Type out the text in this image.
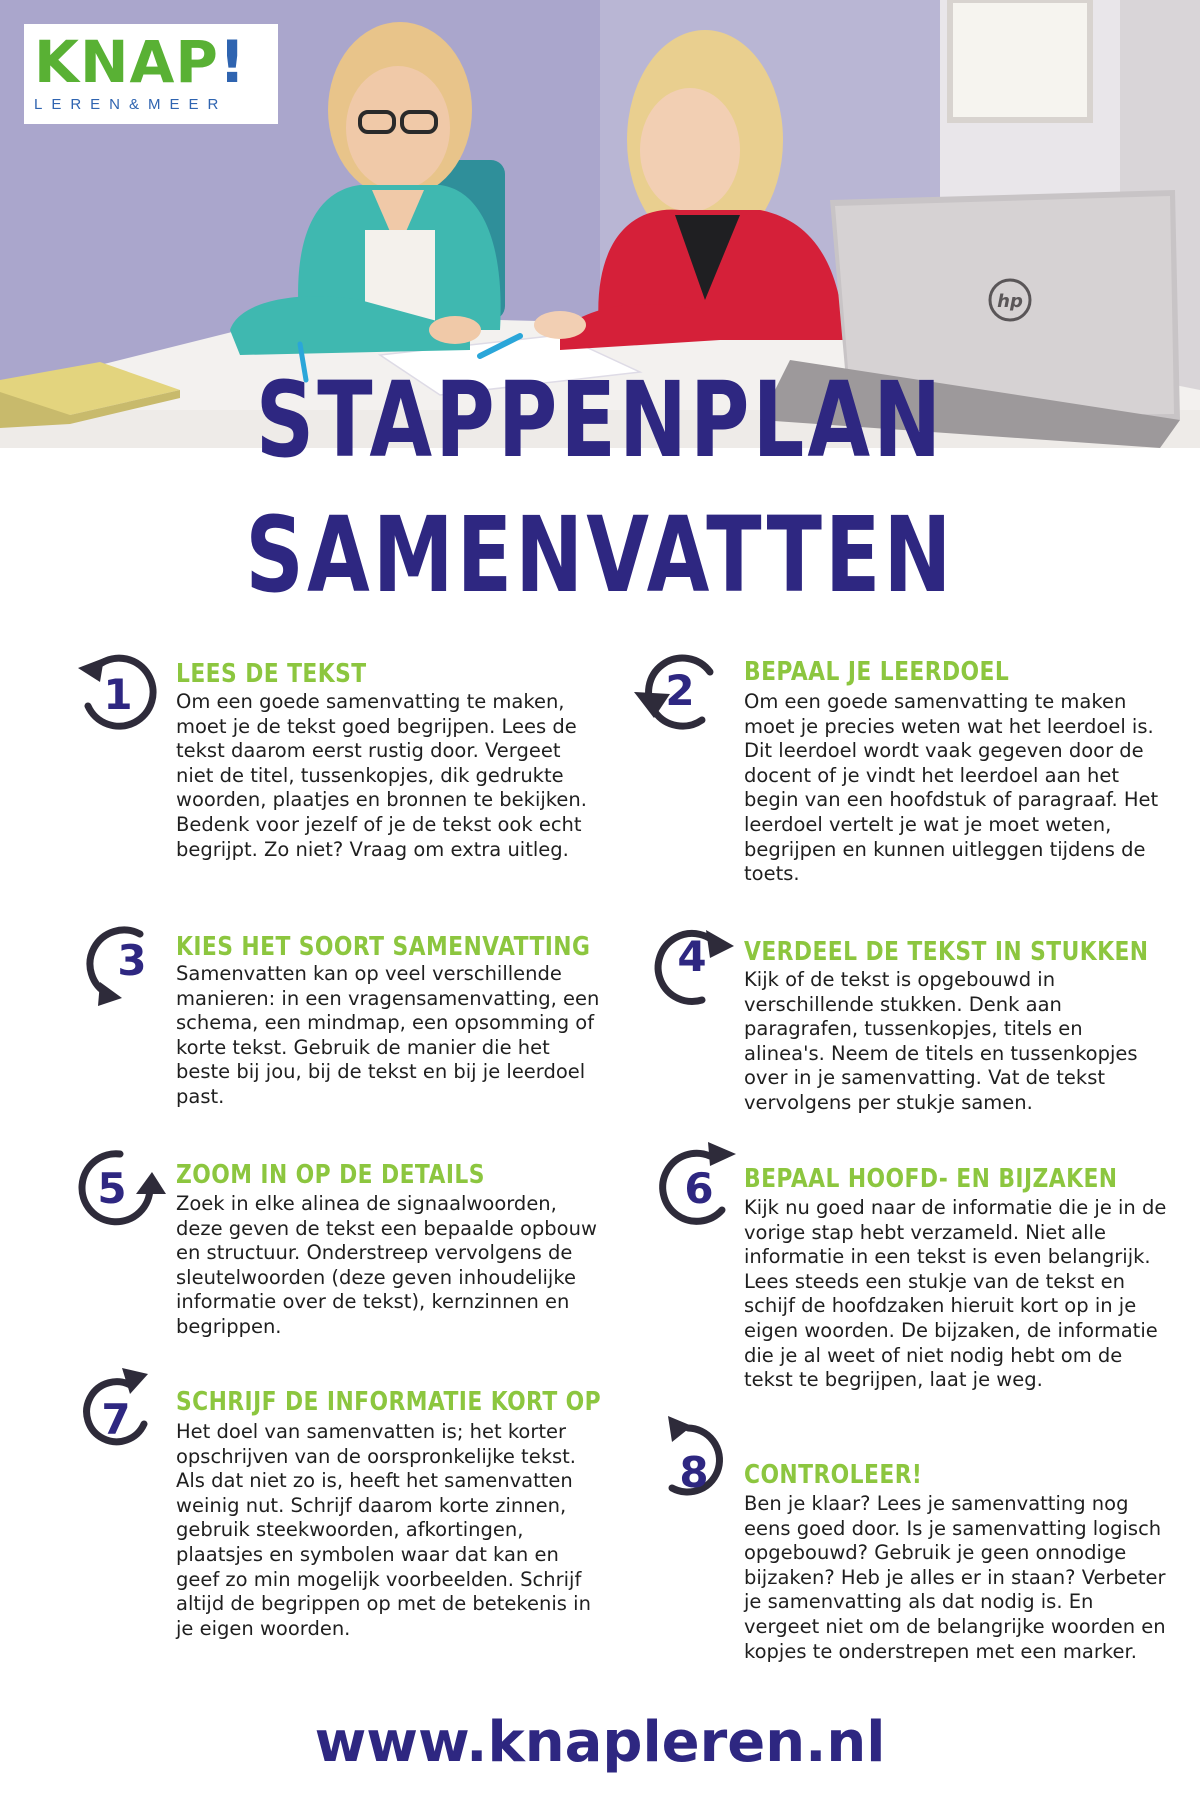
hp
KNAP!
LEREN&MEER
STAPPENPLAN
SAMENVATTEN
1	LEES DE TEKST
Om een goede samenvatting te maken, moet je de tekst goed begrijpen. Lees de tekst daarom eerst rustig door. Vergeet niet de titel, tussenkopjes, dik gedrukte woorden, plaatjes en bronnen te bekijken. Bedenk voor jezelf of je de tekst ook echt begrijpt. Zo niet? Vraag om extra uitleg.
2	BEPAAL JE LEERDOEL
Om een goede samenvatting te maken moet je precies weten wat het leerdoel is. Dit leerdoel wordt vaak gegeven door de docent of je vindt het leerdoel aan het begin van een hoofdstuk of paragraaf. Het leerdoel vertelt je wat je moet weten, begrijpen en kunnen uitleggen tijdens de toets.
3	KIES HET SOORT SAMENVATTING
Samenvatten kan op veel verschillende manieren: in een vragensamenvatting, een schema, een mindmap, een opsomming of korte tekst. Gebruik de manier die het beste bij jou, bij de tekst en bij je leerdoel past.
4	VERDEEL DE TEKST IN STUKKEN
Kijk of de tekst is opgebouwd in verschillende stukken. Denk aan paragrafen, tussenkopjes, titels en alinea's. Neem de titels en tussenkopjes over in je samenvatting. Vat de tekst vervolgens per stukje samen.
5	ZOOM IN OP DE DETAILS
Zoek in elke alinea de signaalwoorden, deze geven de tekst een bepaalde opbouw en structuur. Onderstreep vervolgens de sleutelwoorden (deze geven inhoudelijke informatie over de tekst), kernzinnen en begrippen.
6	BEPAAL HOOFD- EN BIJZAKEN
Kijk nu goed naar de informatie die je in de vorige stap hebt verzameld. Niet alle informatie in een tekst is even belangrijk. Lees steeds een stukje van de tekst en schijf de hoofdzaken hieruit kort op in je eigen woorden. De bijzaken, de informatie die je al weet of niet nodig hebt om de tekst te begrijpen, laat je weg.
7	SCHRIJF DE INFORMATIE KORT OP
Het doel van samenvatten is; het korter opschrijven van de oorspronkelijke tekst. Als dat niet zo is, heeft het samenvatten weinig nut. Schrijf daarom korte zinnen, gebruik steekwoorden, afkortingen, plaatsjes en symbolen waar dat kan en geef zo min mogelijk voorbeelden. Schrijf altijd de begrippen op met de betekenis in je eigen woorden.
8	CONTROLEER!
Ben je klaar? Lees je samenvatting nog eens goed door. Is je samenvatting logisch opgebouwd? Gebruik je geen onnodige bijzaken? Heb je alles er in staan? Verbeter je samenvatting als dat nodig is. En vergeet niet om de belangrijke woorden en kopjes te onderstrepen met een marker.
www.knapleren.nl
